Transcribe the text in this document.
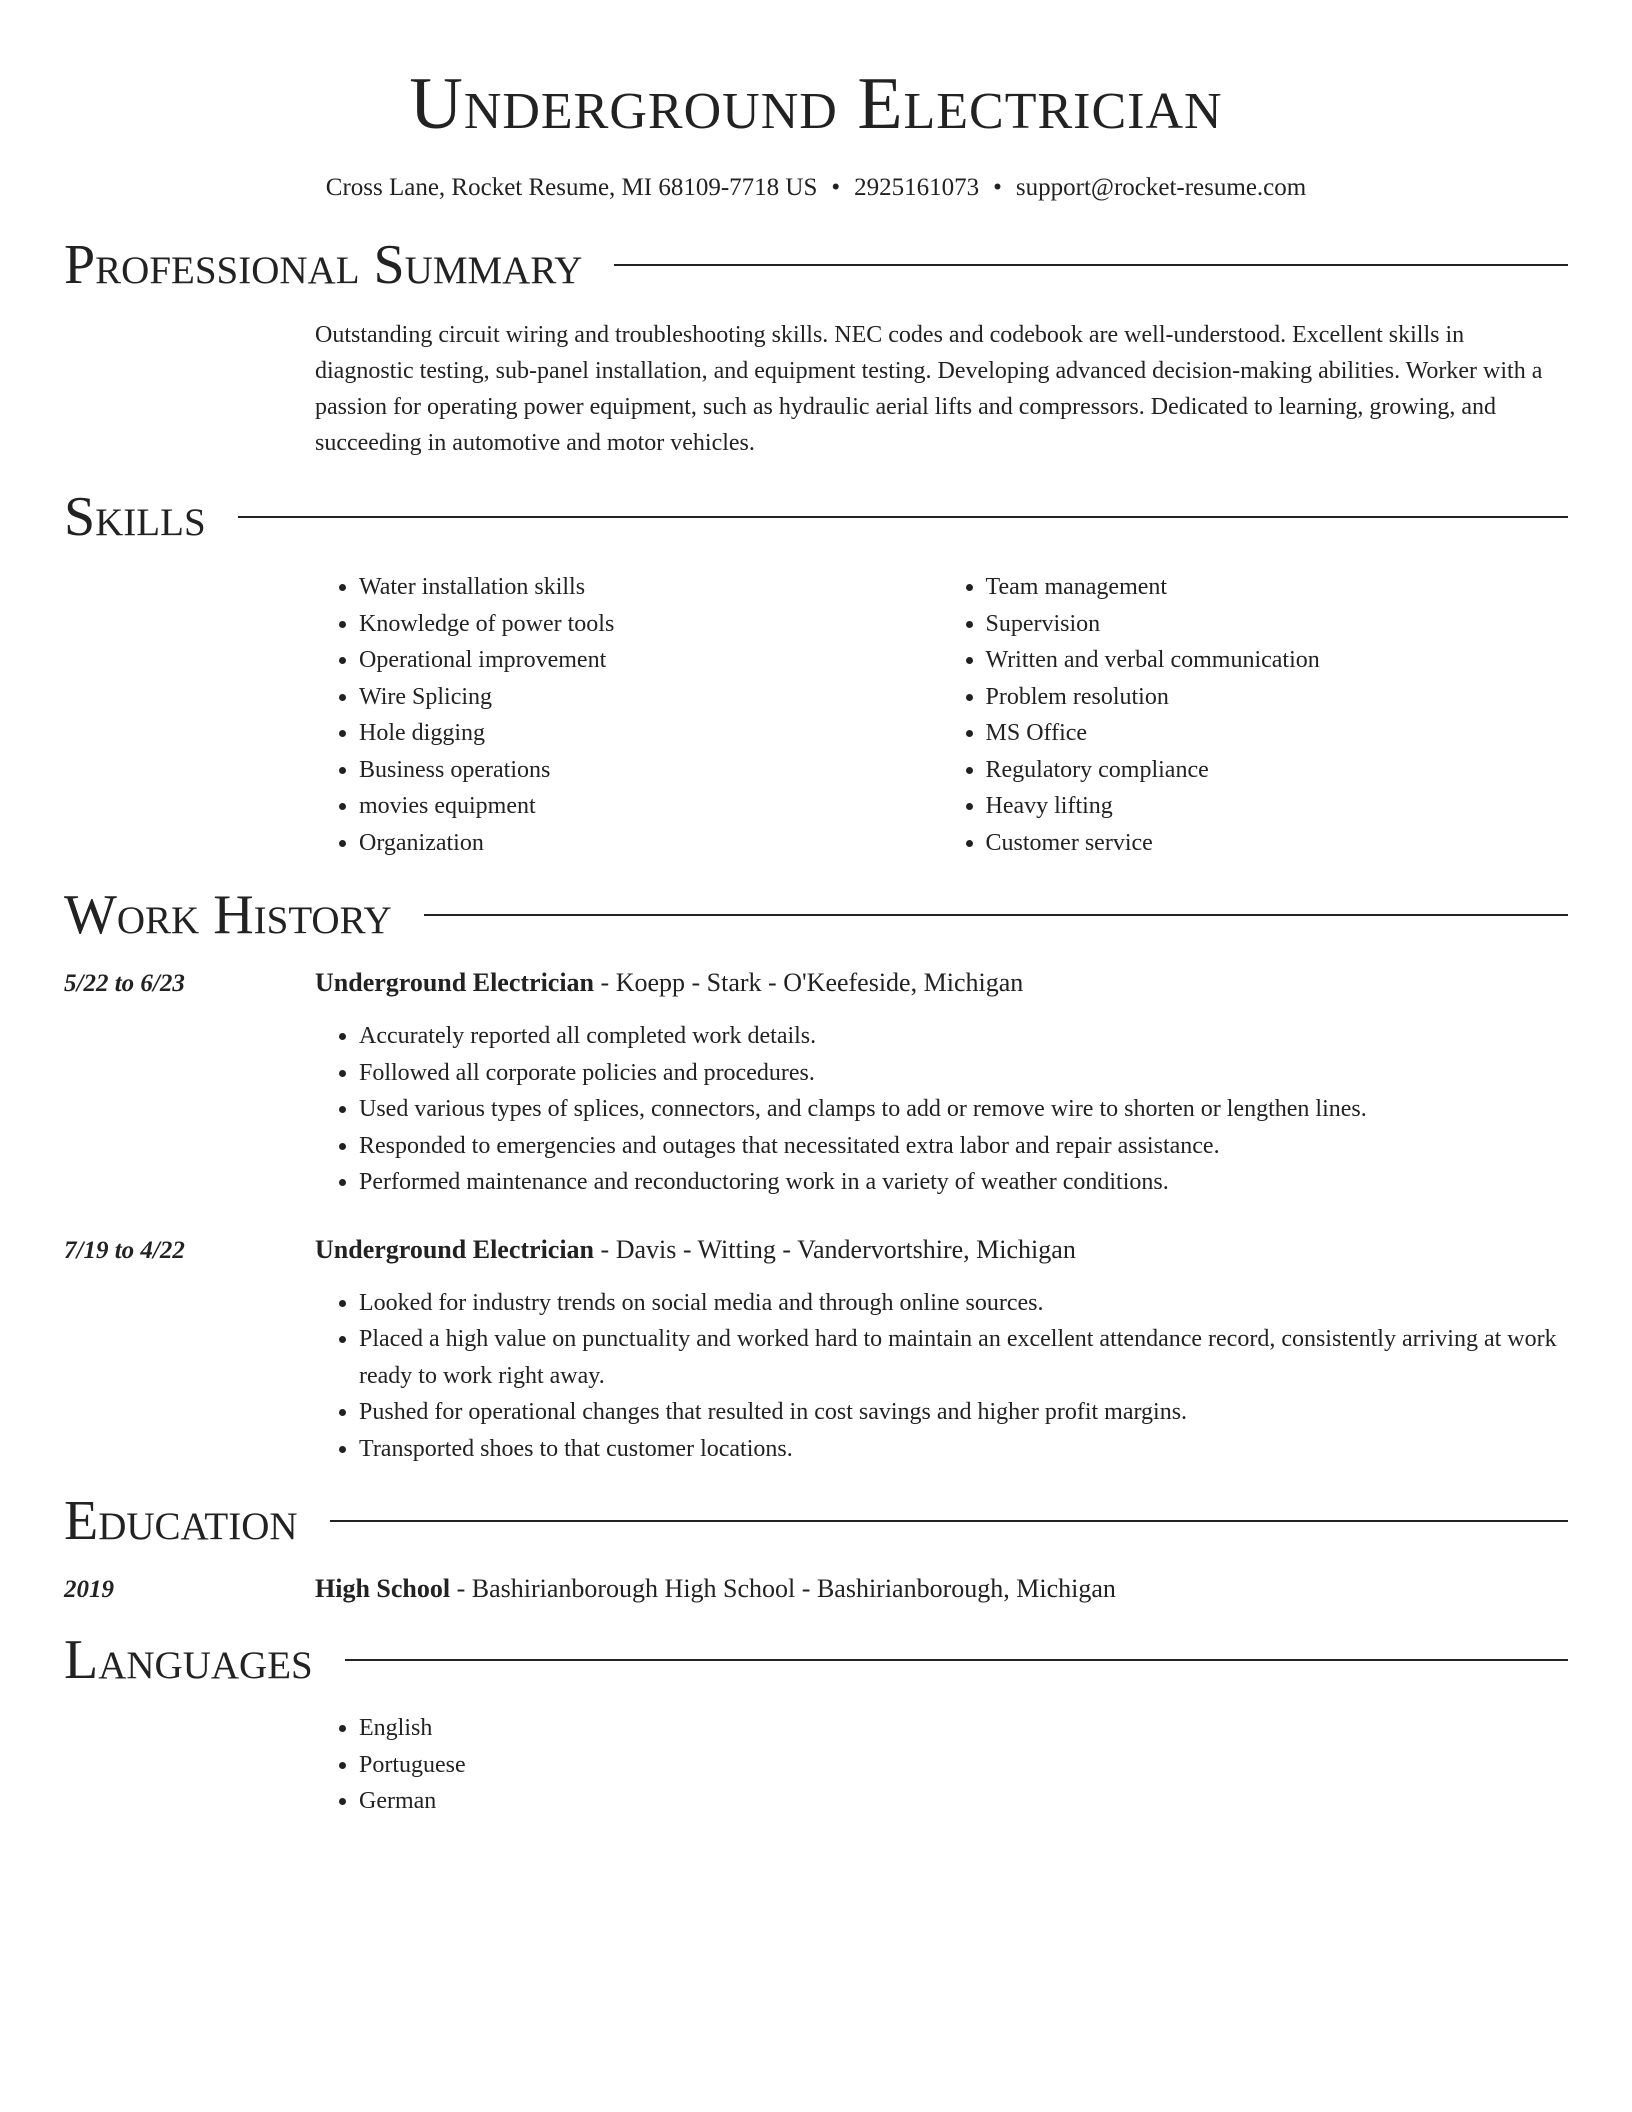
Underground Electrician
Cross Lane, Rocket Resume, MI 68109-7718 US • 2925161073 • support@rocket-resume.com
Professional Summary
Outstanding circuit wiring and troubleshooting skills. NEC codes and codebook are well-understood. Excellent skills in diagnostic testing, sub-panel installation, and equipment testing. Developing advanced decision-making abilities. Worker with a passion for operating power equipment, such as hydraulic aerial lifts and compressors. Dedicated to learning, growing, and succeeding in automotive and motor vehicles.
Skills
• Water installation skills
• Knowledge of power tools
• Operational improvement
• Wire Splicing
• Hole digging
• Business operations
• movies equipment
• Organization
• Team management
• Supervision
• Written and verbal communication
• Problem resolution
• MS Office
• Regulatory compliance
• Heavy lifting
• Customer service
Work History
5/22 to 6/23	Underground Electrician - Koepp - Stark - O'Keefeside, Michigan
• Accurately reported all completed work details.
• Followed all corporate policies and procedures.
• Used various types of splices, connectors, and clamps to add or remove wire to shorten or lengthen lines.
• Responded to emergencies and outages that necessitated extra labor and repair assistance.
• Performed maintenance and reconductoring work in a variety of weather conditions.
7/19 to 4/22	Underground Electrician - Davis - Witting - Vandervortshire, Michigan
• Looked for industry trends on social media and through online sources.
• Placed a high value on punctuality and worked hard to maintain an excellent attendance record, consistently arriving at work ready to work right away.
• Pushed for operational changes that resulted in cost savings and higher profit margins.
• Transported shoes to that customer locations.
Education
2019	High School - Bashirianborough High School - Bashirianborough, Michigan
Languages
• English
• Portuguese
• German
